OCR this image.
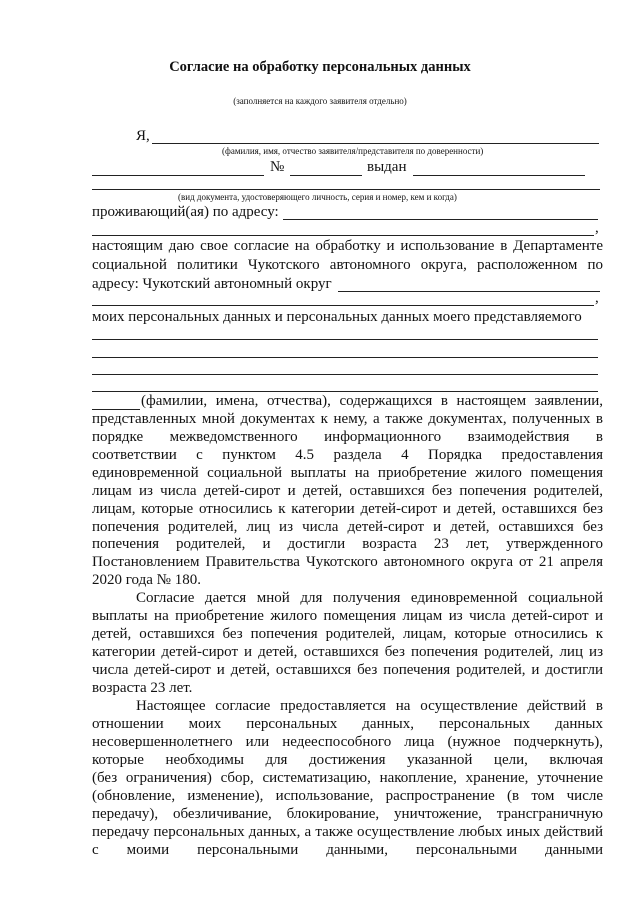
Согласие на обработку персональных данных
(заполняется на каждого заявителя отдельно)
Я,
(фамилия, имя, отчество заявителя/представителя по доверенности)
№	выдан
(вид документа, удостоверяющего личность, серия и номер, кем и когда)
проживающий(ая) по адресу:
,
настоящим даю свое согласие на обработку и использование в Департаменте
социальной политики Чукотского автономного округа, расположенном по
адресу: Чукотский автономный округ
,
моих персональных данных и персональных данных моего представляемого
(фамилии, имена, отчества), содержащихся в настоящем заявлении,
представленных мной документах к нему, а также документах, полученных в
порядке межведомственного информационного взаимодействия в
соответствии с пунктом 4.5 раздела 4 Порядка предоставления
единовременной социальной выплаты на приобретение жилого помещения
лицам из числа детей-сирот и детей, оставшихся без попечения родителей,
лицам, которые относились к категории детей-сирот и детей, оставшихся без
попечения родителей, лиц из числа детей-сирот и детей, оставшихся без
попечения родителей, и достигли возраста 23 лет, утвержденного
Постановлением Правительства Чукотского автономного округа от 21 апреля
2020 года № 180.
Согласие дается мной для получения единовременной социальной
выплаты на приобретение жилого помещения лицам из числа детей-сирот и
детей, оставшихся без попечения родителей, лицам, которые относились к
категории детей-сирот и детей, оставшихся без попечения родителей, лиц из
числа детей-сирот и детей, оставшихся без попечения родителей, и достигли
возраста 23 лет.
Настоящее согласие предоставляется на осуществление действий в
отношении моих персональных данных, персональных данных
несовершеннолетнего или недееспособного лица (нужное подчеркнуть),
которые необходимы для достижения указанной цели, включая
(без ограничения) сбор, систематизацию, накопление, хранение, уточнение
(обновление, изменение), использование, распространение (в том числе
передачу), обезличивание, блокирование, уничтожение, трансграничную
передачу персональных данных, а также осуществление любых иных действий
с моими персональными данными, персональными данными
